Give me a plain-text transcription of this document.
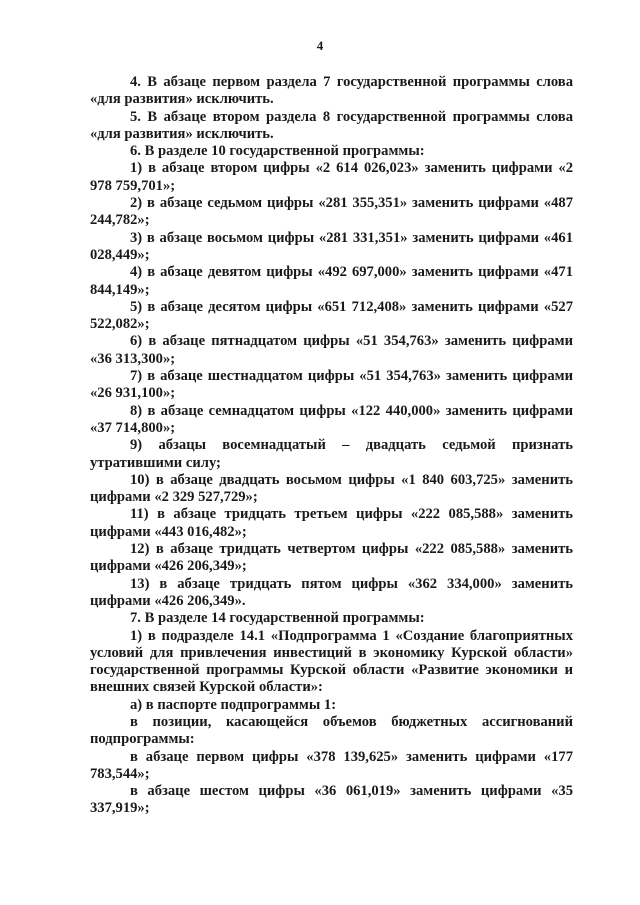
4

4. В абзаце первом раздела 7 государственной программы слова «для развития» исключить.

5. В абзаце втором раздела 8 государственной программы слова «для развития» исключить.

6. В разделе 10 государственной программы:

1) в абзаце втором цифры «2 614 026,023» заменить цифрами «2 978 759,701»;

2) в абзаце седьмом цифры «281 355,351» заменить цифрами «487 244,782»;

3) в абзаце восьмом цифры «281 331,351» заменить цифрами «461 028,449»;

4) в абзаце девятом цифры «492 697,000» заменить цифрами «471 844,149»;

5) в абзаце десятом цифры «651 712,408» заменить цифрами «527 522,082»;

6) в абзаце пятнадцатом цифры «51 354,763» заменить цифрами «36 313,300»;

7) в абзаце шестнадцатом цифры «51 354,763» заменить цифрами «26 931,100»;

8) в абзаце семнадцатом цифры «122 440,000» заменить цифрами «37 714,800»;

9) абзацы восемнадцатый – двадцать седьмой признать утратившими силу;

10) в абзаце двадцать восьмом цифры «1 840 603,725» заменить цифрами «2 329 527,729»;

11) в абзаце тридцать третьем цифры «222 085,588» заменить цифрами «443 016,482»;

12) в абзаце тридцать четвертом цифры «222 085,588» заменить цифрами «426 206,349»;

13) в абзаце тридцать пятом цифры «362 334,000» заменить цифрами «426 206,349».

7. В разделе 14 государственной программы:

1) в подразделе 14.1 «Подпрограмма 1 «Создание благоприятных условий для привлечения инвестиций в экономику Курской области» государственной программы Курской области «Развитие экономики и внешних связей Курской области»:

а) в паспорте подпрограммы 1:

в позиции, касающейся объемов бюджетных ассигнований подпрограммы:

в абзаце первом цифры «378 139,625» заменить цифрами «177 783,544»;

в абзаце шестом цифры «36 061,019» заменить цифрами «35 337,919»;
